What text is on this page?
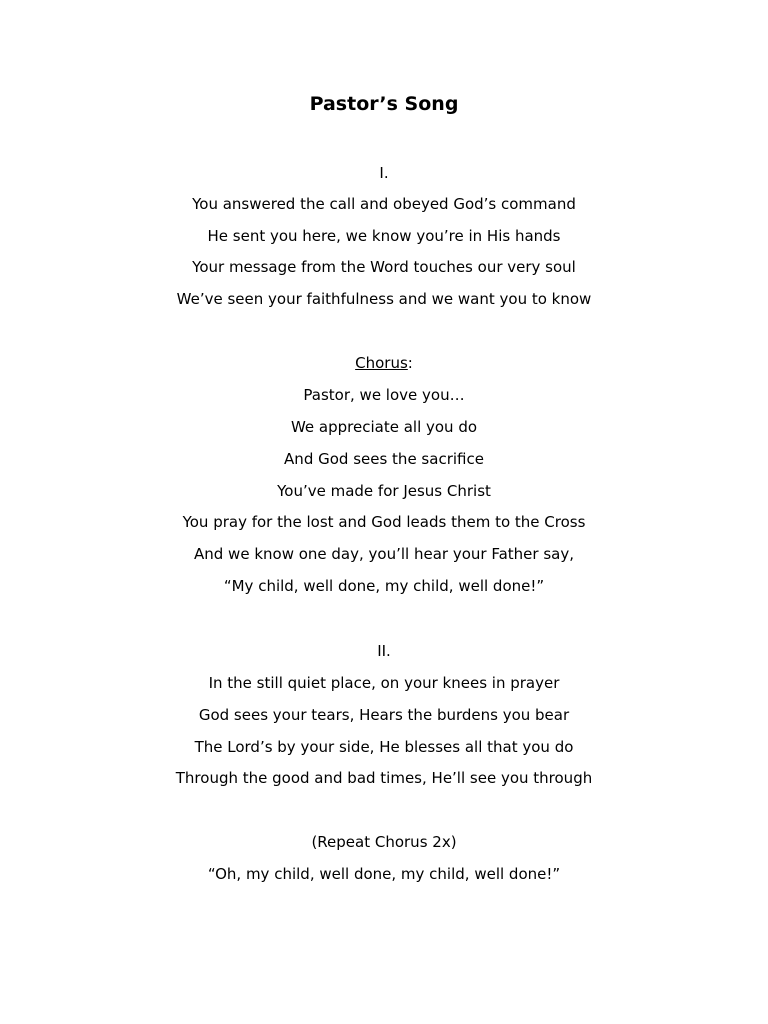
Pastor’s Song

I.

You answered the call and obeyed God’s command

He sent you here, we know you’re in His hands

Your message from the Word touches our very soul

We’ve seen your faithfulness and we want you to know

Chorus:

Pastor, we love you…

We appreciate all you do

And God sees the sacrifice

You’ve made for Jesus Christ

You pray for the lost and God leads them to the Cross

And we know one day, you’ll hear your Father say,

“My child, well done, my child, well done!”

II.

In the still quiet place, on your knees in prayer

God sees your tears, Hears the burdens you bear

The Lord’s by your side, He blesses all that you do

Through the good and bad times, He’ll see you through

(Repeat Chorus 2x)

“Oh, my child, well done, my child, well done!”
